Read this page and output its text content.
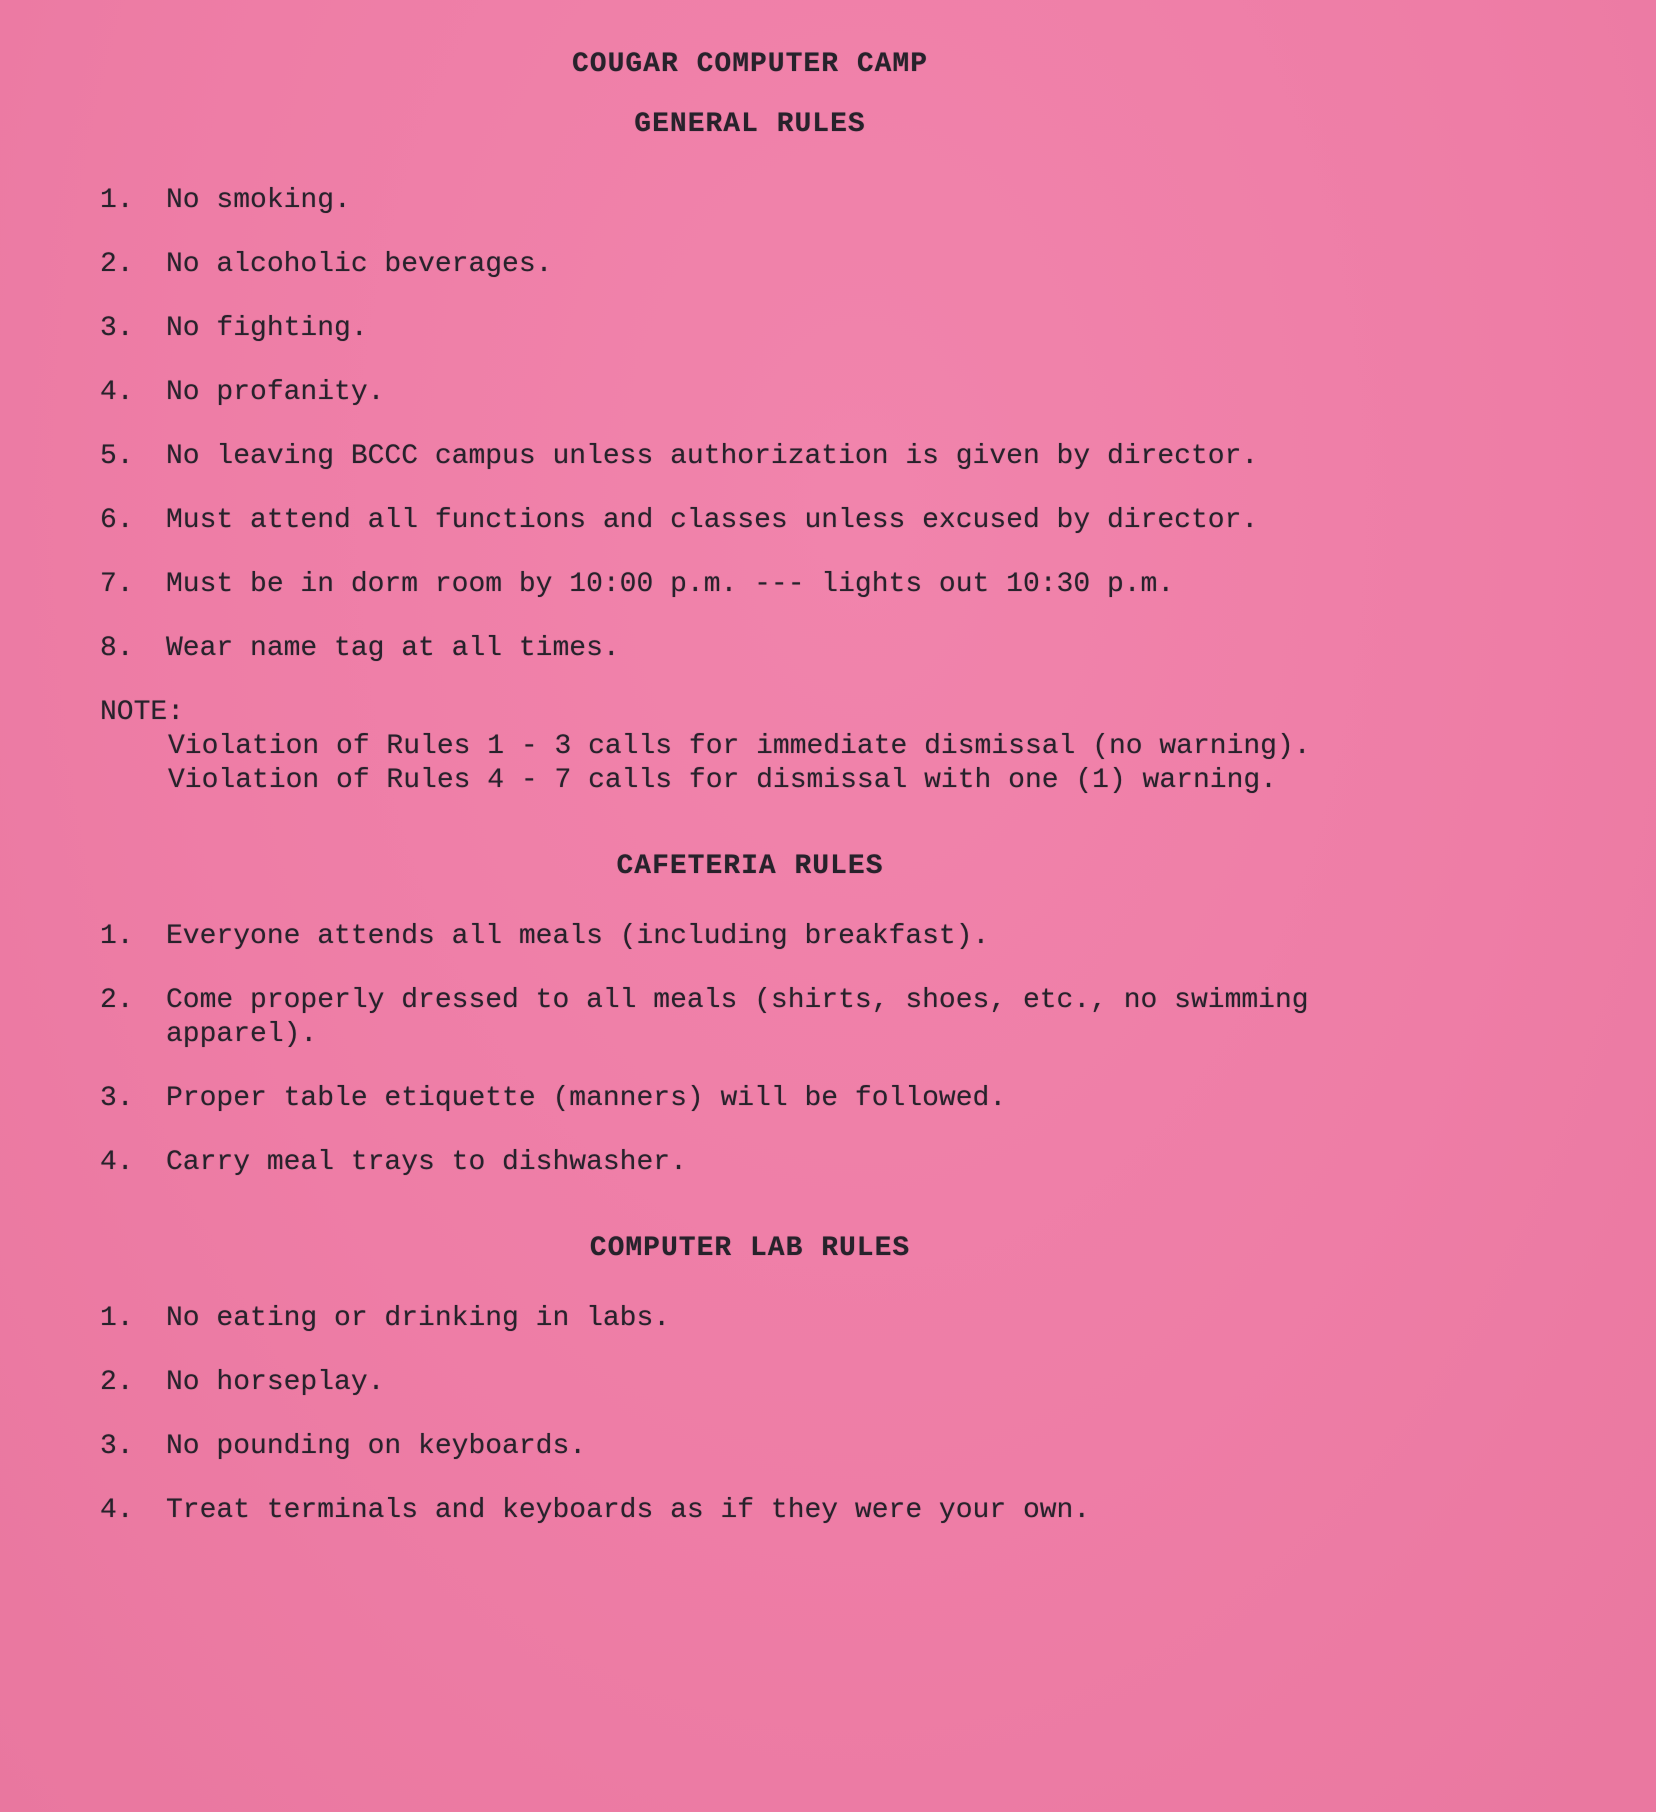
COUGAR COMPUTER CAMP
GENERAL RULES
1.	No smoking.
2.	No alcoholic beverages.
3.	No fighting.
4.	No profanity.
5.	No leaving BCCC campus unless authorization is given by director.
6.	Must attend all functions and classes unless excused by director.
7.	Must be in dorm room by 10:00 p.m. --- lights out 10:30 p.m.
8.	Wear name tag at all times.
NOTE:
Violation of Rules 1 - 3 calls for immediate dismissal (no warning).
Violation of Rules 4 - 7 calls for dismissal with one (1) warning.
CAFETERIA RULES
1.	Everyone attends all meals (including breakfast).
2.	Come properly dressed to all meals (shirts, shoes, etc., no swimming apparel).
3.	Proper table etiquette (manners) will be followed.
4.	Carry meal trays to dishwasher.
COMPUTER LAB RULES
1.	No eating or drinking in labs.
2.	No horseplay.
3.	No pounding on keyboards.
4.	Treat terminals and keyboards as if they were your own.
